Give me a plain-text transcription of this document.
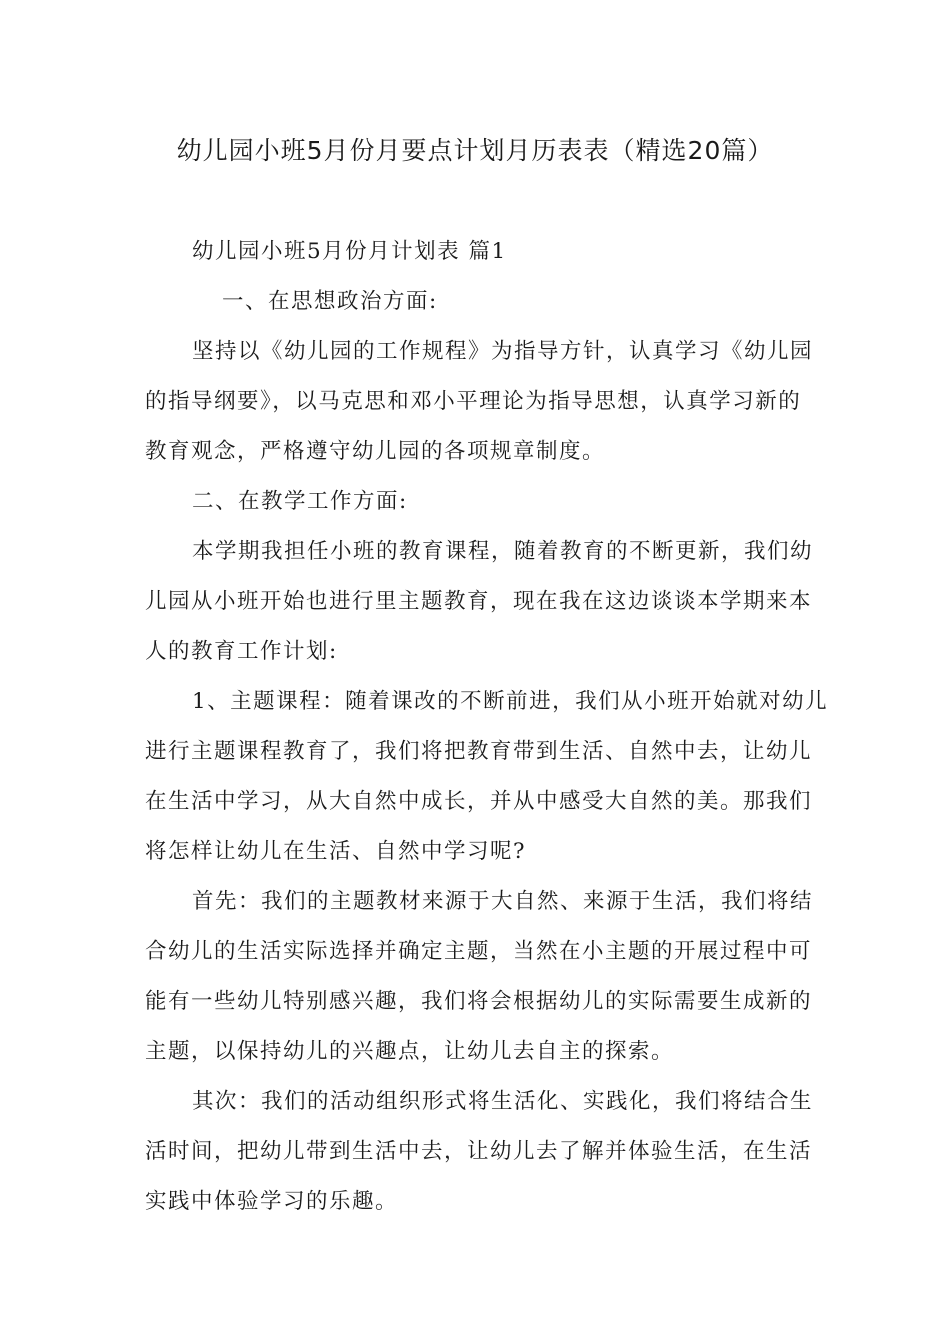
幼儿园小班5月份月要点计划月历表表（精选20篇）

幼儿园小班5月份月计划表 篇1

一、在思想政治方面:

坚持以《幼儿园的工作规程》为指导方针，认真学习《幼儿园

的指导纲要》，以马克思和邓小平理论为指导思想，认真学习新的

教育观念，严格遵守幼儿园的各项规章制度。

二、在教学工作方面:

本学期我担任小班的教育课程，随着教育的不断更新，我们幼

儿园从小班开始也进行里主题教育，现在我在这边谈谈本学期来本

人的教育工作计划:

1、主题课程：随着课改的不断前进，我们从小班开始就对幼儿

进行主题课程教育了，我们将把教育带到生活、自然中去，让幼儿

在生活中学习，从大自然中成长，并从中感受大自然的美。那我们

将怎样让幼儿在生活、自然中学习呢?

首先：我们的主题教材来源于大自然、来源于生活，我们将结

合幼儿的生活实际选择并确定主题，当然在小主题的开展过程中可

能有一些幼儿特别感兴趣，我们将会根据幼儿的实际需要生成新的

主题，以保持幼儿的兴趣点，让幼儿去自主的探索。

其次：我们的活动组织形式将生活化、实践化，我们将结合生

活时间，把幼儿带到生活中去，让幼儿去了解并体验生活，在生活

实践中体验学习的乐趣。
